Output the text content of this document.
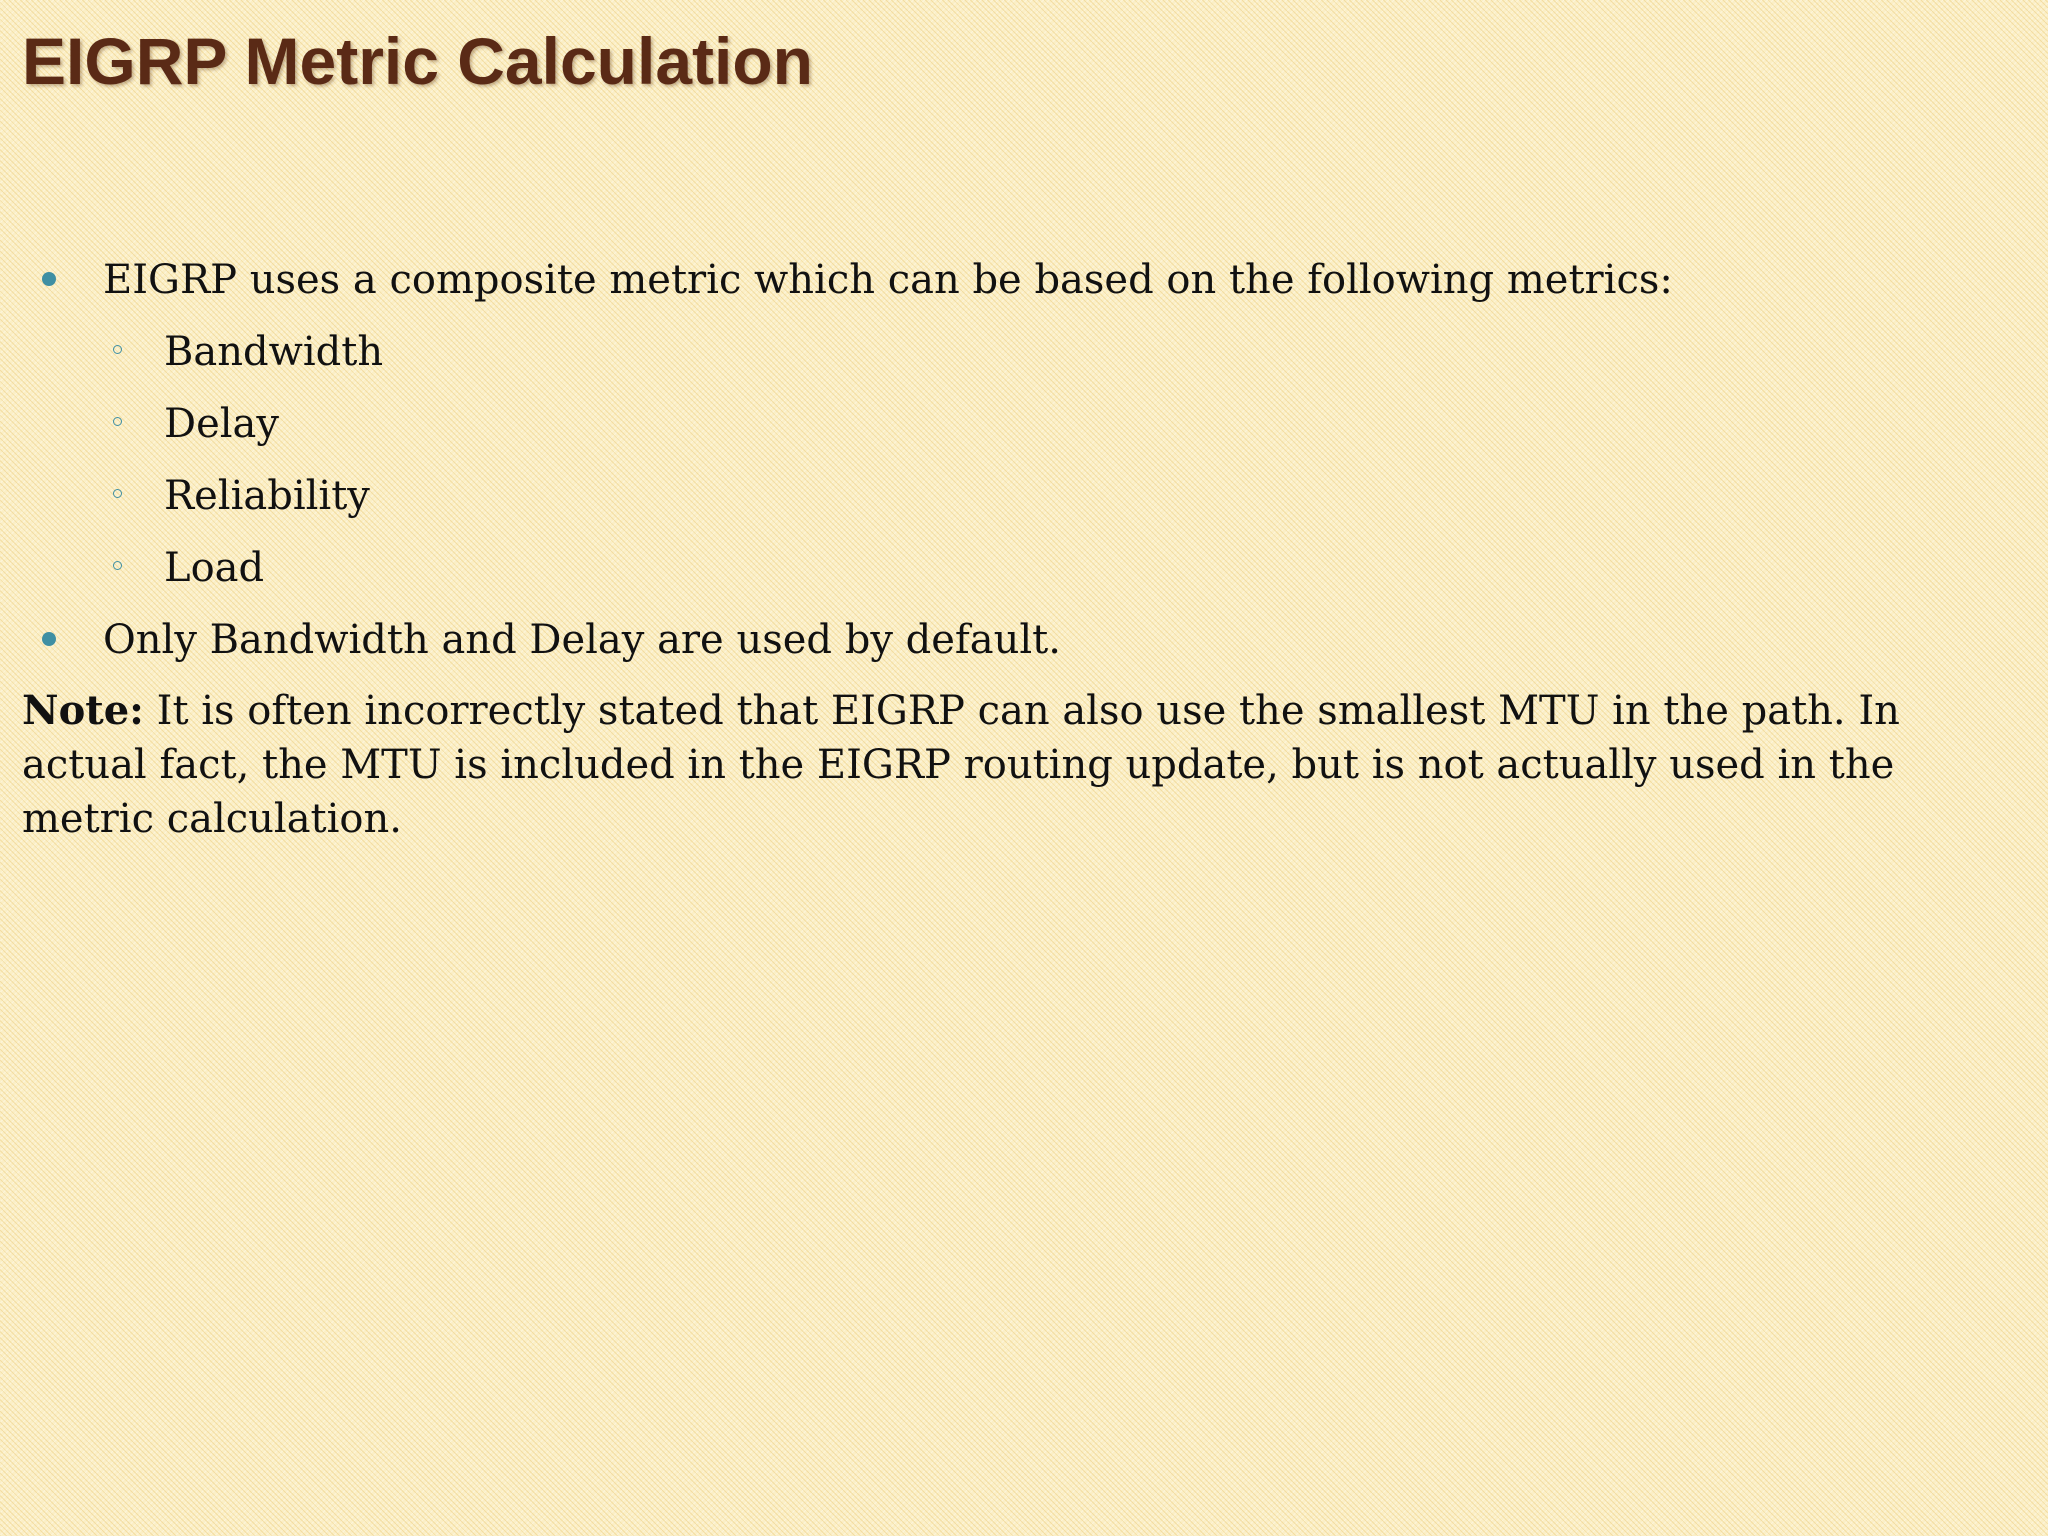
EIGRP Metric Calculation
EIGRP uses a composite metric which can be based on the following metrics:
Bandwidth
Delay
Reliability
Load
Only Bandwidth and Delay are used by default.

Note: It is often incorrectly stated that EIGRP can also use the smallest MTU in the path. In actual fact, the MTU is included in the EIGRP routing update, but is not actually used in the metric calculation.
